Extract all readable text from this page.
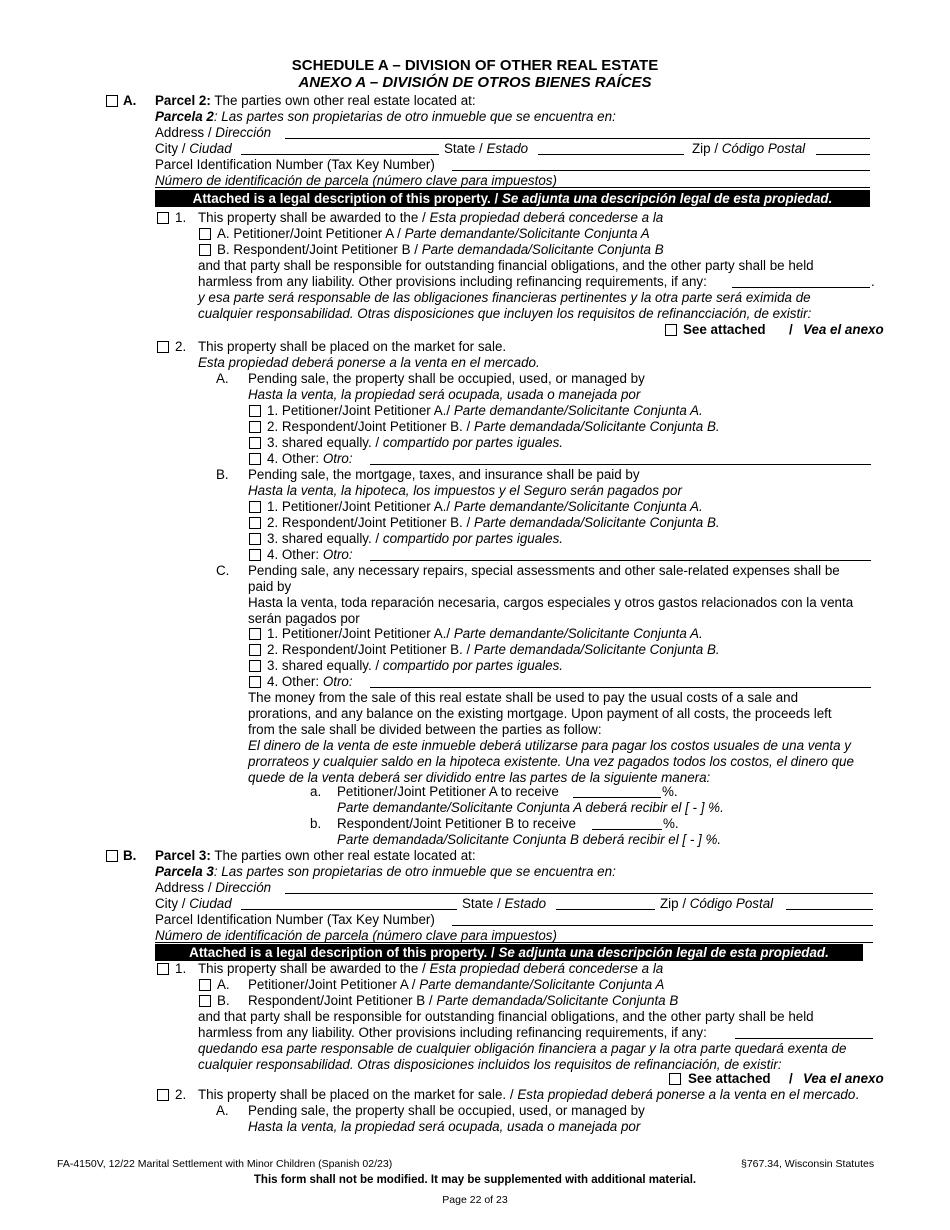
SCHEDULE A – DIVISION OF OTHER REAL ESTATE
ANEXO A – DIVISIÓN DE OTROS BIENES RAÍCES
A. Parcel 2: The parties own other real estate located at:
Parcela 2: Las partes son propietarias de otro inmueble que se encuentra en:
Address / Dirección
City / Ciudad	State / Estado	Zip / Código Postal
Parcel Identification Number (Tax Key Number)
Número de identificación de parcela (número clave para impuestos)
Attached is a legal description of this property. / Se adjunta una descripción legal de esta propiedad.
1. This property shall be awarded to the / Esta propiedad deberá concederse a la
A. Petitioner/Joint Petitioner A / Parte demandante/Solicitante Conjunta A
B. Respondent/Joint Petitioner B / Parte demandada/Solicitante Conjunta B
and that party shall be responsible for outstanding financial obligations, and the other party shall be held
harmless from any liability. Other provisions including refinancing requirements, if any:	.
y esa parte será responsable de las obligaciones financieras pertinentes y la otra parte será eximida de
cualquier responsabilidad. Otras disposiciones que incluyen los requisitos de refinancciación, de existir:
See attached / Vea el anexo
2. This property shall be placed on the market for sale.
Esta propiedad deberá ponerse a la venta en el mercado.
A. Pending sale, the property shall be occupied, used, or managed by
Hasta la venta, la propiedad será ocupada, usada o manejada por
1. Petitioner/Joint Petitioner A./ Parte demandante/Solicitante Conjunta A.
2. Respondent/Joint Petitioner B. / Parte demandada/Solicitante Conjunta B.
3. shared equally. / compartido por partes iguales.
4. Other: Otro:
B. Pending sale, the mortgage, taxes, and insurance shall be paid by
Hasta la venta, la hipoteca, los impuestos y el Seguro serán pagados por
1. Petitioner/Joint Petitioner A./ Parte demandante/Solicitante Conjunta A.
2. Respondent/Joint Petitioner B. / Parte demandada/Solicitante Conjunta B.
3. shared equally. / compartido por partes iguales.
4. Other: Otro:
C. Pending sale, any necessary repairs, special assessments and other sale-related expenses shall be
paid by
Hasta la venta, toda reparación necesaria, cargos especiales y otros gastos relacionados con la venta
serán pagados por
1. Petitioner/Joint Petitioner A./ Parte demandante/Solicitante Conjunta A.
2. Respondent/Joint Petitioner B. / Parte demandada/Solicitante Conjunta B.
3. shared equally. / compartido por partes iguales.
4. Other: Otro:
The money from the sale of this real estate shall be used to pay the usual costs of a sale and
prorations, and any balance on the existing mortgage. Upon payment of all costs, the proceeds left
from the sale shall be divided between the parties as follow:
El dinero de la venta de este inmueble deberá utilizarse para pagar los costos usuales de una venta y
prorrateos y cualquier saldo en la hipoteca existente. Una vez pagados todos los costos, el dinero que
quede de la venta deberá ser dividido entre las partes de la siguiente manera:
a. Petitioner/Joint Petitioner A to receive	%.
Parte demandante/Solicitante Conjunta A deberá recibir el [ - ] %.
b. Respondent/Joint Petitioner B to receive	%.
Parte demandada/Solicitante Conjunta B deberá recibir el [ - ] %.
B. Parcel 3: The parties own other real estate located at:
Parcela 3: Las partes son propietarias de otro inmueble que se encuentra en:
Address / Dirección
City / Ciudad	State / Estado	Zip / Código Postal
Parcel Identification Number (Tax Key Number)
Número de identificación de parcela (número clave para impuestos)
Attached is a legal description of this property. / Se adjunta una descripción legal de esta propiedad.
1. This property shall be awarded to the / Esta propiedad deberá concederse a la
A. Petitioner/Joint Petitioner A / Parte demandante/Solicitante Conjunta A
B. Respondent/Joint Petitioner B / Parte demandada/Solicitante Conjunta B
and that party shall be responsible for outstanding financial obligations, and the other party shall be held
harmless from any liability. Other provisions including refinancing requirements, if any:
quedando esa parte responsable de cualquier obligación financiera a pagar y la otra parte quedará exenta de
cualquier responsabilidad. Otras disposiciones incluidos los requisitos de refinanciación, de existir:
See attached / Vea el anexo
2. This property shall be placed on the market for sale. / Esta propiedad deberá ponerse a la venta en el mercado.
A. Pending sale, the property shall be occupied, used, or managed by
Hasta la venta, la propiedad será ocupada, usada o manejada por
FA-4150V, 12/22 Marital Settlement with Minor Children (Spanish 02/23)	§767.34, Wisconsin Statutes
This form shall not be modified. It may be supplemented with additional material.
Page 22 of 23
